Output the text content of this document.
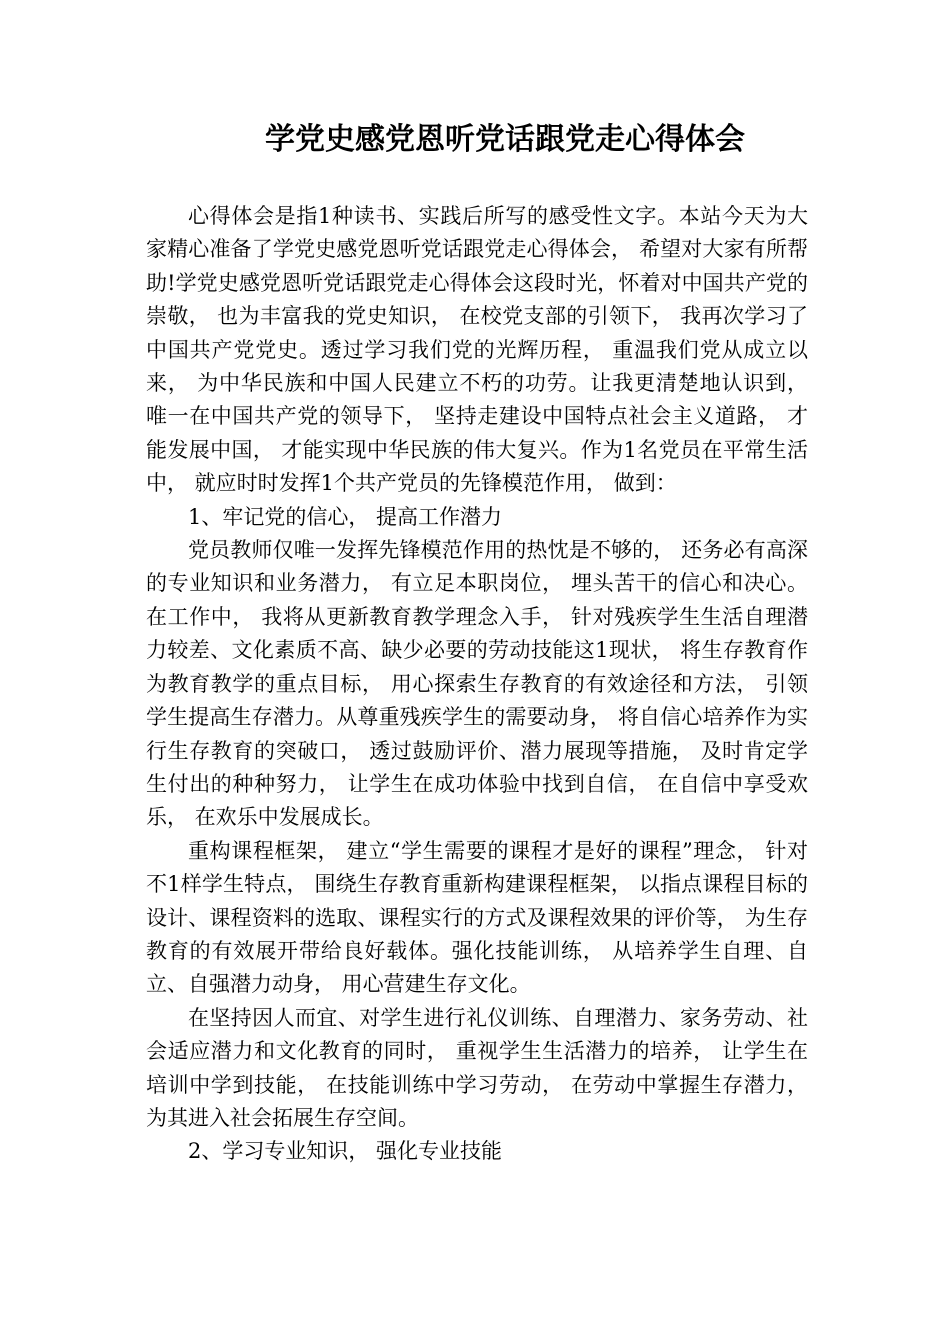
学党史感党恩听党话跟党走心得体会

心得体会是指1种读书、实践后所写的感受性文字。本站今天为大家精心准备了学党史感党恩听党话跟党走心得体会， 希望对大家有所帮助!学党史感党恩听党话跟党走心得体会这段时光，怀着对中国共产党的崇敬， 也为丰富我的党史知识， 在校党支部的引领下， 我再次学习了中国共产党党史。透过学习我们党的光辉历程， 重温我们党从成立以来， 为中华民族和中国人民建立不朽的功劳。让我更清楚地认识到， 唯一在中国共产党的领导下， 坚持走建设中国特点社会主义道路， 才能发展中国， 才能实现中华民族的伟大复兴。作为1名党员在平常生活中， 就应时时发挥1个共产党员的先锋模范作用， 做到：

1、牢记党的信心， 提高工作潜力

党员教师仅唯一发挥先锋模范作用的热忱是不够的， 还务必有高深的专业知识和业务潜力， 有立足本职岗位， 埋头苦干的信心和决心。在工作中， 我将从更新教育教学理念入手， 针对残疾学生生活自理潜力较差、文化素质不高、缺少必要的劳动技能这1现状， 将生存教育作为教育教学的重点目标， 用心探索生存教育的有效途径和方法， 引领学生提高生存潜力。从尊重残疾学生的需要动身， 将自信心培养作为实行生存教育的突破口， 透过鼓励评价、潜力展现等措施， 及时肯定学生付出的种种努力， 让学生在成功体验中找到自信， 在自信中享受欢乐， 在欢乐中发展成长。

重构课程框架， 建立“学生需要的课程才是好的课程”理念， 针对不1样学生特点， 围绕生存教育重新构建课程框架， 以指点课程目标的设计、课程资料的选取、课程实行的方式及课程效果的评价等， 为生存教育的有效展开带给良好载体。强化技能训练， 从培养学生自理、自立、自强潜力动身， 用心营建生存文化。

在坚持因人而宜、对学生进行礼仪训练、自理潜力、家务劳动、社会适应潜力和文化教育的同时， 重视学生生活潜力的培养， 让学生在培训中学到技能， 在技能训练中学习劳动， 在劳动中掌握生存潜力， 为其进入社会拓展生存空间。

2、学习专业知识， 强化专业技能
